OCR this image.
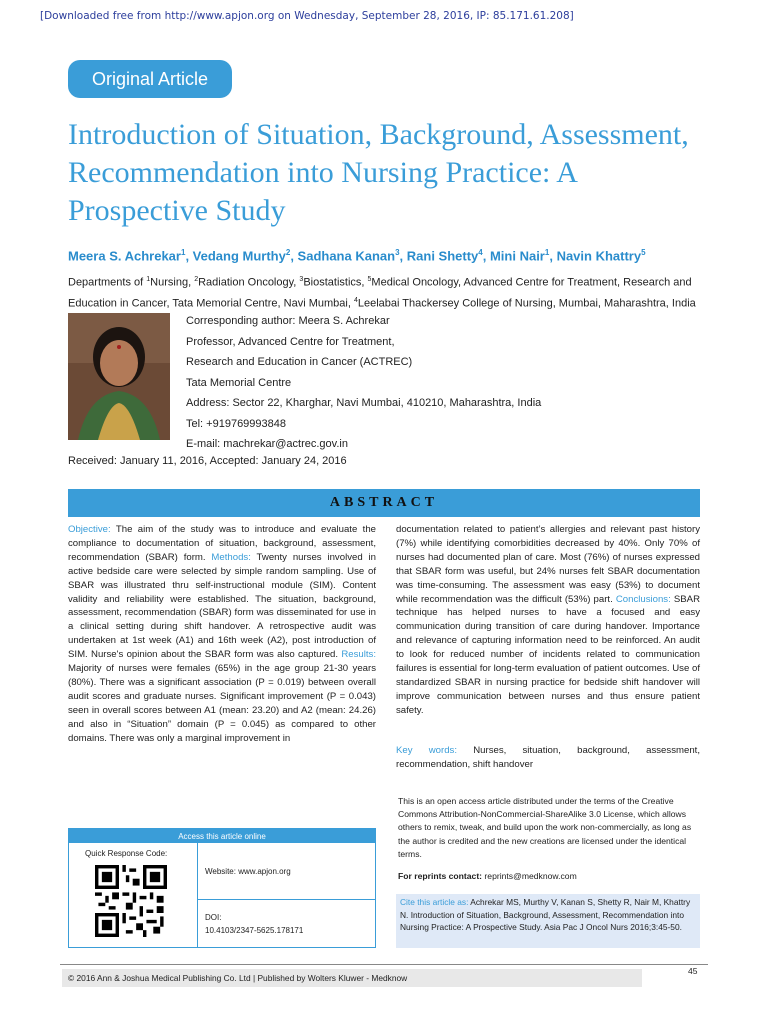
[Downloaded free from http://www.apjon.org on Wednesday, September 28, 2016, IP: 85.171.61.208]
Original Article
Introduction of Situation, Background, Assessment, Recommendation into Nursing Practice: A Prospective Study
Meera S. Achrekar$^1$, Vedang Murthy$^2$, Sadhana Kanan$^3$, Rani Shetty$^4$, Mini Nair$^1$, Navin Khattry$^5$
Departments of $^1$Nursing, $^2$Radiation Oncology, $^3$Biostatistics, $^5$Medical Oncology, Advanced Centre for Treatment, Research and Education in Cancer, Tata Memorial Centre, Navi Mumbai, $^4$Leelabai Thackersey College of Nursing, Mumbai, Maharashtra, India
Corresponding author: Meera S. Achrekar
Professor, Advanced Centre for Treatment,
Research and Education in Cancer (ACTREC)
Tata Memorial Centre
Address: Sector 22, Kharghar, Navi Mumbai, 410210, Maharashtra, India
Tel: +919769993848
E-mail: machrekar@actrec.gov.in
Received: January 11, 2016, Accepted: January 24, 2016
ABSTRACT
Objective: The aim of the study was to introduce and evaluate the compliance to documentation of situation, background, assessment, recommendation (SBAR) form. Methods: Twenty nurses involved in active bedside care were selected by simple random sampling. Use of SBAR was illustrated thru self-instructional module (SIM). Content validity and reliability were established. The situation, background, assessment, recommendation (SBAR) form was disseminated for use in a clinical setting during shift handover. A retrospective audit was undertaken at 1st week (A1) and 16th week (A2), post introduction of SIM. Nurse's opinion about the SBAR form was also captured. Results: Majority of nurses were females (65%) in the age group 21-30 years (80%). There was a significant association (P = 0.019) between overall audit scores and graduate nurses. Significant improvement (P = 0.043) seen in overall scores between A1 (mean: 23.20) and A2 (mean: 24.26) and also in “Situation” domain (P = 0.045) as compared to other domains. There was only a marginal improvement in
documentation related to patient’s allergies and relevant past history (7%) while identifying comorbidities decreased by 40%. Only 70% of nurses had documented plan of care. Most (76%) of nurses expressed that SBAR form was useful, but 24% nurses felt SBAR documentation was time-consuming. The assessment was easy (53%) to document while recommendation was the difficult (53%) part. Conclusions: SBAR technique has helped nurses to have a focused and easy communication during transition of care during handover. Importance and relevance of capturing information need to be reinforced. An audit to look for reduced number of incidents related to communication failures is essential for long-term evaluation of patient outcomes. Use of standardized SBAR in nursing practice for bedside shift handover will improve communication between nurses and thus ensure patient safety.
Key words: Nurses, situation, background, assessment, recommendation, shift handover
Access this article online
Quick Response Code:
Website: www.apjon.org
DOI:
10.4103/2347-5625.178171
This is an open access article distributed under the terms of the Creative Commons Attribution-NonCommercial-ShareAlike 3.0 License, which allows others to remix, tweak, and build upon the work non-commercially, as long as the author is credited and the new creations are licensed under the identical terms.
For reprints contact: reprints@medknow.com
Cite this article as: Achrekar MS, Murthy V, Kanan S, Shetty R, Nair M, Khattry N. Introduction of Situation, Background, Assessment, Recommendation into Nursing Practice: A Prospective Study. Asia Pac J Oncol Nurs 2016;3:45-50.
© 2016 Ann & Joshua Medical Publishing Co. Ltd | Published by Wolters Kluwer - Medknow
45
